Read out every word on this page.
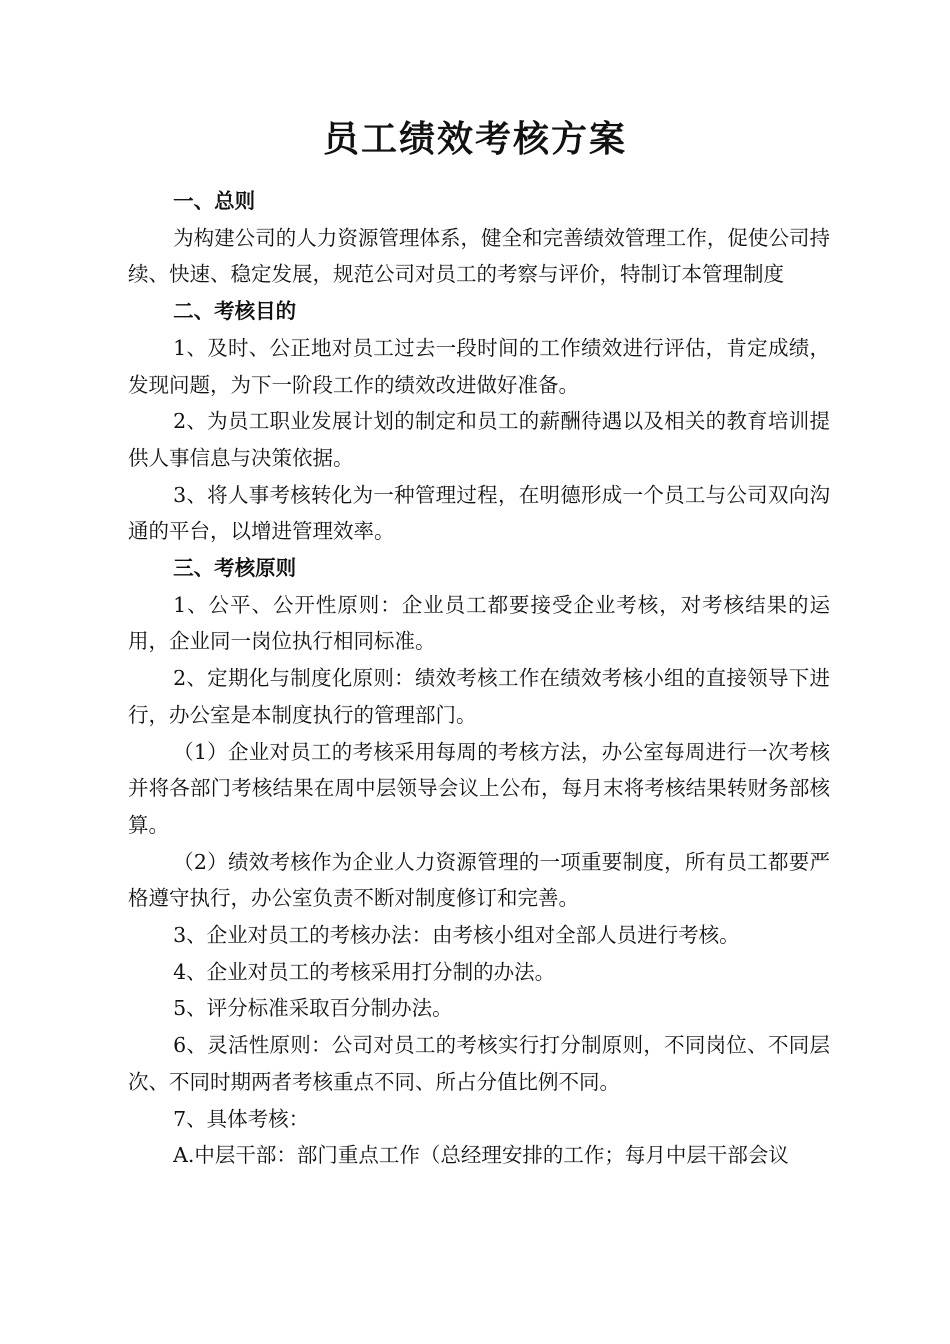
员工绩效考核方案

一、总则

为构建公司的人力资源管理体系，健全和完善绩效管理工作，促使公司持续、快速、稳定发展，规范公司对员工的考察与评价，特制订本管理制度

二、考核目的

1、及时、公正地对员工过去一段时间的工作绩效进行评估，肯定成绩，发现问题，为下一阶段工作的绩效改进做好准备。

2、为员工职业发展计划的制定和员工的薪酬待遇以及相关的教育培训提供人事信息与决策依据。

3、将人事考核转化为一种管理过程，在明德形成一个员工与公司双向沟通的平台，以增进管理效率。

三、考核原则

1、公平、公开性原则：企业员工都要接受企业考核，对考核结果的运用，企业同一岗位执行相同标准。

2、定期化与制度化原则：绩效考核工作在绩效考核小组的直接领导下进行，办公室是本制度执行的管理部门。

（1）企业对员工的考核采用每周的考核方法，办公室每周进行一次考核并将各部门考核结果在周中层领导会议上公布，每月末将考核结果转财务部核算。

（2）绩效考核作为企业人力资源管理的一项重要制度，所有员工都要严格遵守执行，办公室负责不断对制度修订和完善。

3、企业对员工的考核办法：由考核小组对全部人员进行考核。

4、企业对员工的考核采用打分制的办法。

5、评分标准采取百分制办法。

6、灵活性原则：公司对员工的考核实行打分制原则，不同岗位、不同层次、不同时期两者考核重点不同、所占分值比例不同。

7、具体考核：

A.中层干部：部门重点工作（总经理安排的工作；每月中层干部会议
